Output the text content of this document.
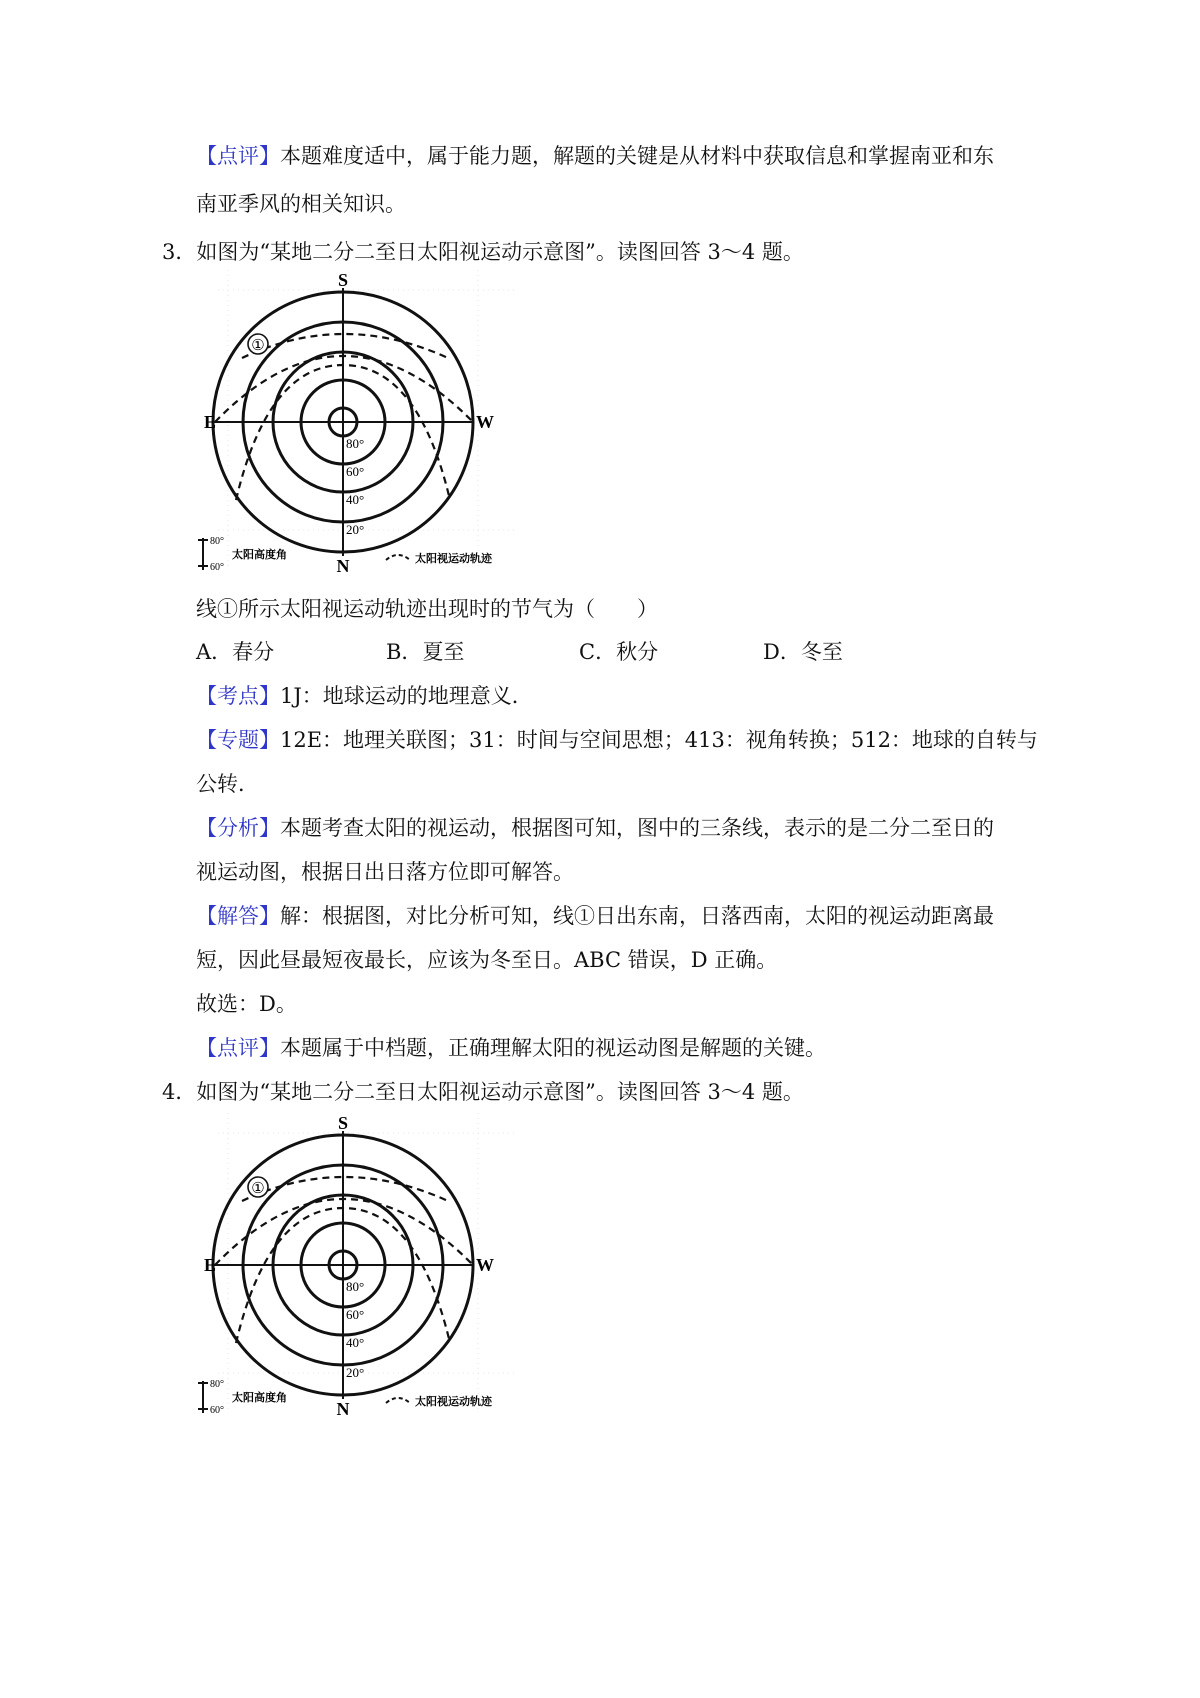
【点评】本题难度适中，属于能力题，解题的关键是从材料中获取信息和掌握南亚和东
南亚季风的相关知识。
3．如图为“某地二分二至日太阳视运动示意图”。读图回答 3～4 题。
①
S
N
E	W
80°
60°
40°
20°
80°
60°
太阳高度角	太阳视运动轨迹
线①所示太阳视运动轨迹出现时的节气为（　　）
A．春分	B．夏至	C．秋分	D．冬至
【考点】1J：地球运动的地理意义．
【专题】12E：地理关联图；31：时间与空间思想；413：视角转换；512：地球的自转与
公转．
【分析】本题考查太阳的视运动，根据图可知，图中的三条线，表示的是二分二至日的
视运动图，根据日出日落方位即可解答。
【解答】解：根据图，对比分析可知，线①日出东南，日落西南，太阳的视运动距离最
短，因此昼最短夜最长，应该为冬至日。ABC 错误，D 正确。
故选：D。
【点评】本题属于中档题，正确理解太阳的视运动图是解题的关键。
4．如图为“某地二分二至日太阳视运动示意图”。读图回答 3～4 题。
①
S
N
E	W
80°
60°
40°
20°
80°
60°
太阳高度角	太阳视运动轨迹
